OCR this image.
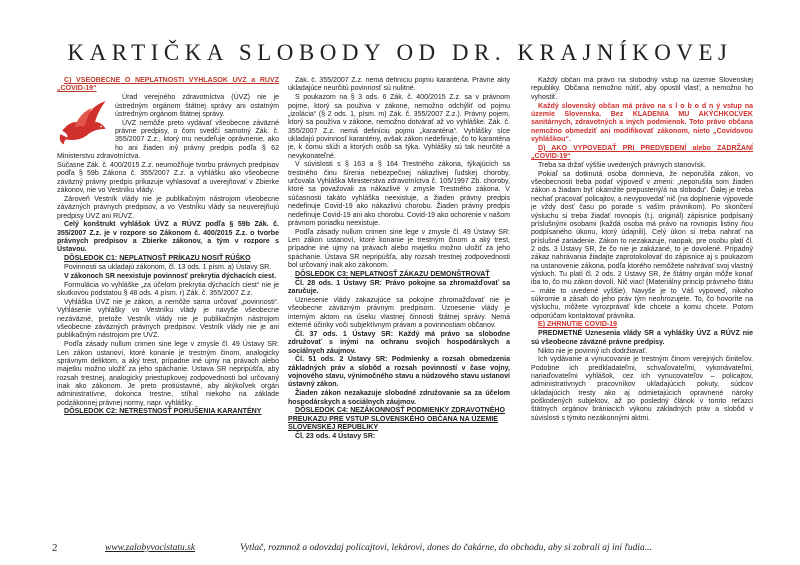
KARTIČKA SLOBODY OD DR. KRAJNÍKOVEJ

C) VŠEOBECNE O NEPLATNOSTI VYHLÁŠOK ÚVZ a RÚVZ „COVID-19“

Úrad verejného zdravotníctva (ÚVZ) nie je ústredným orgánom štátnej správy ani ostatným ústredným orgánom štátnej správy.

ÚVZ nemôže preto vydávať všeobecne záväzné právne predpisy, o čom svedčí samotný Zák. č. 355/2007 Z.z., ktorý mu neudeľuje oprávnenie, ako ho ani žiaden iný právny predpis podľa § 62 Ministerstvu zdravotníctva.

Súčasne Zák. č. 400/2015 Z.z. neumožňuje tvorbu právnych predpisov podľa § 59b Zákona č. 355/2007 Z.z. a vyhlášku ako všeobecne záväzný právny predpis prikazuje vyhlasovať a uverejňovať v Zbierke zákonov, nie vo Vestníku vlády.

Zároveň Vestník vlády nie je publikačným nástrojom všeobecne záväzných právnych predpisov, a vo Vestníku vlády sa neuverejňujú predpisy ÚVZ ani RÚVZ.

Celý konštrukt vyhlášok ÚVZ a RÚVZ podľa § 59b Zák. č. 355/2007 Z.z. je v rozpore so Zákonom č. 400/2015 Z.z. o tvorbe právnych predpisov a Zbierke zákonov, a tým v rozpore s Ústavou.

DÔSLEDOK C1: NEPLATNOSŤ PRÍKAZU NOSIŤ RÚŠKO

Povinnosti sa ukladajú zákonom, čl. 13 ods. 1 písm. a) Ústavy SR.

V zákonoch SR neexistuje povinnosť prekrytia dýchacích ciest.

Formulácia vo vyhláške „za účelom prekrytia dýchacích ciest“ nie je skutkovou podstatou § 48 ods. 4 písm. r) Zák. č. 355/2007 Z.z.

Vyhláška ÚVZ nie je zákon, a nemôže sama určovať „povinnosti“. Vyhlásenie vyhlášky vo Vestníku vlády je navyše všeobecne nezáväzné, pretože Vestník vlády nie je publikačným nástrojom všeobecne záväzných právnych predpisov. Vestník vlády nie je ani publikačným nástrojom pre ÚVZ.

Podľa zásady nullum crimen sine lege v zmysle čl. 49 Ústavy SR: Len zákon ustanoví, ktoré konanie je trestným činom, analogicky správnym deliktom, a aký trest, prípadne iné ujmy na právach alebo majetku možno uložiť za jeho spáchanie. Ústava SR nepripúšťa, aby rozsah trestnej, analogicky priestupkovej zodpovednosti bol určovaný inak ako zákonom. Je preto protiústavné, aby akýkoľvek orgán administratívne, dokonca trestne, stíhal niekoho na základe podzákonnej právnej normy, napr. vyhlášky.

DÔSLEDOK C2: NETRESTNOSŤ PORUŠENIA KARANTÉNY

Zák. č. 355/2007 Z.z. nemá definíciu pojmu karanténa. Právne akty ukladajúce neurčitú povinnosť sú nulitné.

S poukazom na § 3 ods. 6 Zák. č. 400/2015 Z.z. sa v právnom pojme, ktorý sa použiva v zákone, nemožno odchýliť od pojmu „izolácia“ (§ 2 ods. 1, písm. m) Zák. č. 355/2007 Z.z.). Právny pojem, ktorý sa používa v zákone, nemožno dotvárať až vo vyhláške. Zák. č. 355/2007 Z.z. nemá definíciu pojmu „karanténa“. Vyhlášky síce ukladajú povinnosť karantény, avšak zákon nedefinuje, čo to karanténa je, k čomu slúži a ktorých osôb sa týka. Vyhlášky sú tak neurčité a nevykonateľné.

V súvislosti s § 163 a § 164 Trestného zákona, týkajúcich sa trestného činu šírenia nebezpečnej nákazlivej ľudskej choroby, určovala Vyhláška Ministerstva zdravotníctva č. 105/1997 Zb. choroby, ktoré sa považovali za nákazlivé v zmysle Trestného zákona. V súčasnosti takáto vyhláška neexistuje, a žiaden právny predpis nedefinuje Covid-19 ako nákazlivú chorobu. Žiaden právny predpis nedefinuje Covid-19 ani ako chorobu. Covid-19 ako ochorenie v našom právnom poriadku neexistuje.

Podľa zásady nullum crimen sine lege v zmysle čl. 49 Ústavy SR: Len zákon ustanoví, ktoré konanie je trestným činom a aký trest, prípadne iné ujmy na právach alebo majetku možno uložiť za jeho spáchanie. Ústava SR nepripúšťa, aby rozsah trestnej zodpovednosti bol určovaný inak ako zákonom.

DÔSLEDOK C3: NEPLATNOSŤ ZÁKAZU DEMONŠTROVAŤ

Čl. 28 ods. 1 Ústavy SR: Právo pokojne sa zhromažďovať sa zaručuje.

Uznesenie vlády zakazujúce sa pokojne zhromažďovať nie je všeobecne záväzným právnym predpisom. Uznesenie vlády je interným aktom na úseku vlastnej činnosti štátnej správy. Nemá externé účinky voči subjektívnym právam a povinnostiam občanov.

Čl. 37 ods. 1 Ústavy SR: Každý má právo sa slobodne združovať s inými na ochranu svojich hospodárskych a sociálnych záujmov.

Čl. 51 ods. 2 Ústavy SR: Podmienky a rozsah obmedzenia základných práv a slobôd a rozsah povinností v čase vojny, vojnového stavu, výnimočného stavu a núdzového stavu ustanoví ústavný zákon.

Žiaden zákon nezakazuje slobodné združovanie sa za účelom hospodárskych a sociálnych záujmov.

DÔSLEDOK C4: NEZÁKONNOSŤ PODMIENKY ZDRAVOTNÉHO PREUKAZU PRE VSTUP SLOVENSKÉHO OBČANA NA ÚZEMIE SLOVENSKEJ REPUBLIKY

Čl. 23 ods. 4 Ústavy SR:

Každý občan má právo na slobodný vstup na územie Slovenskej republiky. Občana nemožno nútiť, aby opustil vlasť, a nemožno ho vyhostiť.

Každý slovenský občan má právo na s l o b o d n ý vstup na územie Slovenska. Bez KLADENIA MU AKÝCHKOĽVEK sanitárnych, zdravotných a iných podmienok. Toto právo občana nemožno obmedziť ani modifikovať zákonom, nieto „Covidovou vyhláškou“.

D) AKO VYPOVEDAŤ PRI PREDVEDENÍ alebo ZADRŽANÍ „COVID-19“

Treba sa držať výššie uvedených právnych stanovísk.

Pokiaľ sa dotknutá osoba domnieva, že neporušila zákon, vo všeobecnosti treba podať výpoveď v zmeni: „neporušila som žiaden zákon a žiadam byť okamžite prepustený/á na slobodu“. Ďalej je treba nechať pracovať policajtov, a nevypovedať nič (na doplnenie výpovede je vždy dosť času po porade s vaším právnikom). Po skončení výsluchu si treba žiadať rovnopis (t.j. originál) zápisnice podpísaný príslušnými osobami (každá osoba má právo na rovnopis listiny ňou podpísaného úkonu, ktorý údajnili). Celý úkon si treba nahrať na príslušné zariadenie. Zákon to nezakazuje, naopak, pre osobu platí čl. 2 ods. 3 Ústavy SR, že čo nie je zakázané, to je dovolené. Prípadný zákaz nahrávania žiadajte zaprotokolovať do zápisnice aj s poukazom na ustanovenie zákona, podľa ktorého nemôžete nahrávať svoj vlastný výsluch. Tu platí čl. 2 ods. 2 Ústavy SR, že štátny orgán môže konať iba to, čo mu zákon dovolí. Nič viac! (Materiálny princíp právneho štátu – máte to uvedené vyššie). Navyše je to Váš výpoveď, nikoho súkromie a zásah do jeho práv tým neohrozujete. To, čo hovoríte na výsluchu, môžete vyrozprávať kde chcete a komu chcete. Potom odporúčam kontaktovať právnika.

E) ZHRNUTIE COVID-19

PREDMETNÉ Uznesenia vlády SR a vyhlášky ÚVZ a RÚVZ nie sú všeobecne záväzné právne predpisy.

Nikto nie je povinný ich dodržiavať.

Ich vydávanie a vynucovanie je trestným činom verejných činiteľov. Podobne ich predkladateľmi, schvaľovateľmi, vykonávateľmi, nariaďovateľmi vyhlášok, cez ich vynucovateľov – policajtov, administratívnych pracovníkov ukladajúcich pokuty, súdcov ukladajúcich tresty ako aj odmietajúcich opravnené nároky poškodených subjektov, až po posledný článok v tomto reťazci štátnych orgánov brániacich výkonu základných práv a slobôd v súvislosti s týmito nezákonnými aktmi.

2	www.zalobyvocistatu.sk	Vytlač, rozmnož a odovzdaj policajtovi, lekárovi, dones do čakárne, do obchodu, aby si zobrali aj iní ľudia...
